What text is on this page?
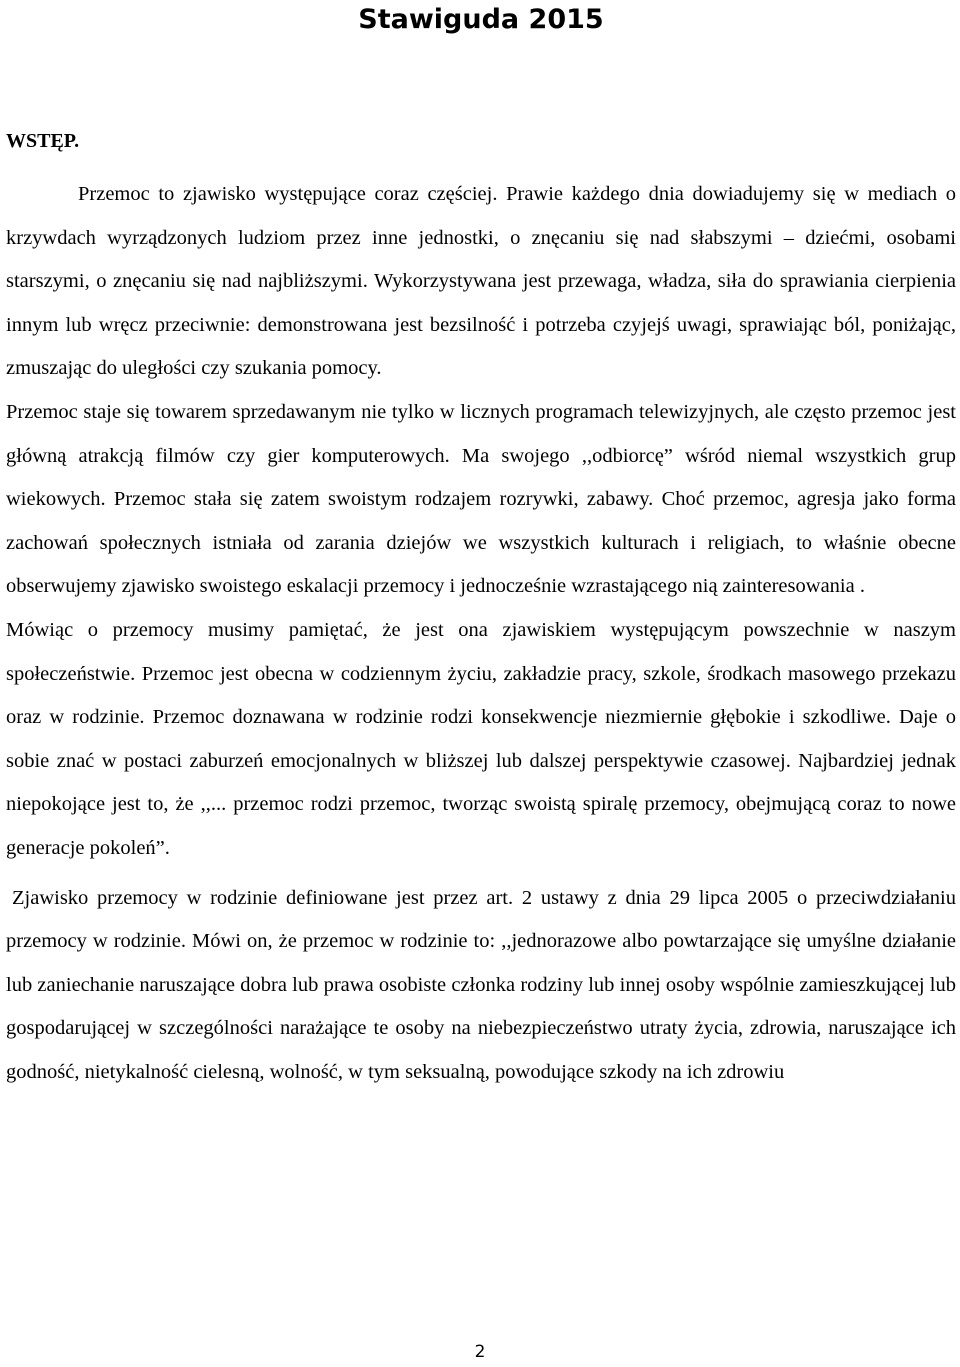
Stawiguda 2015
WSTĘP.

Przemoc to zjawisko występujące coraz częściej. Prawie każdego dnia dowiadujemy się w mediach o krzywdach wyrządzonych ludziom przez inne jednostki, o znęcaniu się nad słabszymi – dziećmi, osobami starszymi, o znęcaniu się nad najbliższymi. Wykorzystywana jest przewaga, władza, siła do sprawiania cierpienia innym lub wręcz przeciwnie: demonstrowana jest bezsilność i potrzeba czyjejś uwagi, sprawiając ból, poniżając, zmuszając do uległości czy szukania pomocy.

Przemoc staje się towarem sprzedawanym nie tylko w licznych programach telewizyjnych, ale często przemoc jest główną atrakcją filmów czy gier komputerowych. Ma swojego ,,odbiorcę” wśród niemal wszystkich grup wiekowych. Przemoc stała się zatem swoistym rodzajem rozrywki, zabawy. Choć przemoc, agresja jako forma zachowań społecznych istniała od zarania dziejów we wszystkich kulturach i religiach, to właśnie obecne obserwujemy zjawisko swoistego eskalacji przemocy i jednocześnie wzrastającego nią zainteresowania .

Mówiąc o przemocy musimy pamiętać, że jest ona zjawiskiem występującym powszechnie w naszym społeczeństwie. Przemoc jest obecna w codziennym życiu, zakładzie pracy, szkole, środkach masowego przekazu oraz w rodzinie. Przemoc doznawana w rodzinie rodzi konsekwencje niezmiernie głębokie i szkodliwe. Daje o sobie znać w postaci zaburzeń emocjonalnych w bliższej lub dalszej perspektywie czasowej. Najbardziej jednak niepokojące jest to, że ,,... przemoc rodzi przemoc, tworząc swoistą spiralę przemocy, obejmującą coraz to nowe generacje pokoleń”.

Zjawisko przemocy w rodzinie definiowane jest przez art. 2 ustawy z dnia 29 lipca 2005 o przeciwdziałaniu przemocy w rodzinie. Mówi on, że przemoc w rodzinie to: ,,jednorazowe albo powtarzające się umyślne działanie lub zaniechanie naruszające dobra lub prawa osobiste członka rodziny lub innej osoby wspólnie zamieszkującej lub gospodarującej w szczególności narażające te osoby na niebezpieczeństwo utraty życia, zdrowia, naruszające ich godność, nietykalność cielesną, wolność, w tym seksualną, powodujące szkody na ich zdrowiu

2
